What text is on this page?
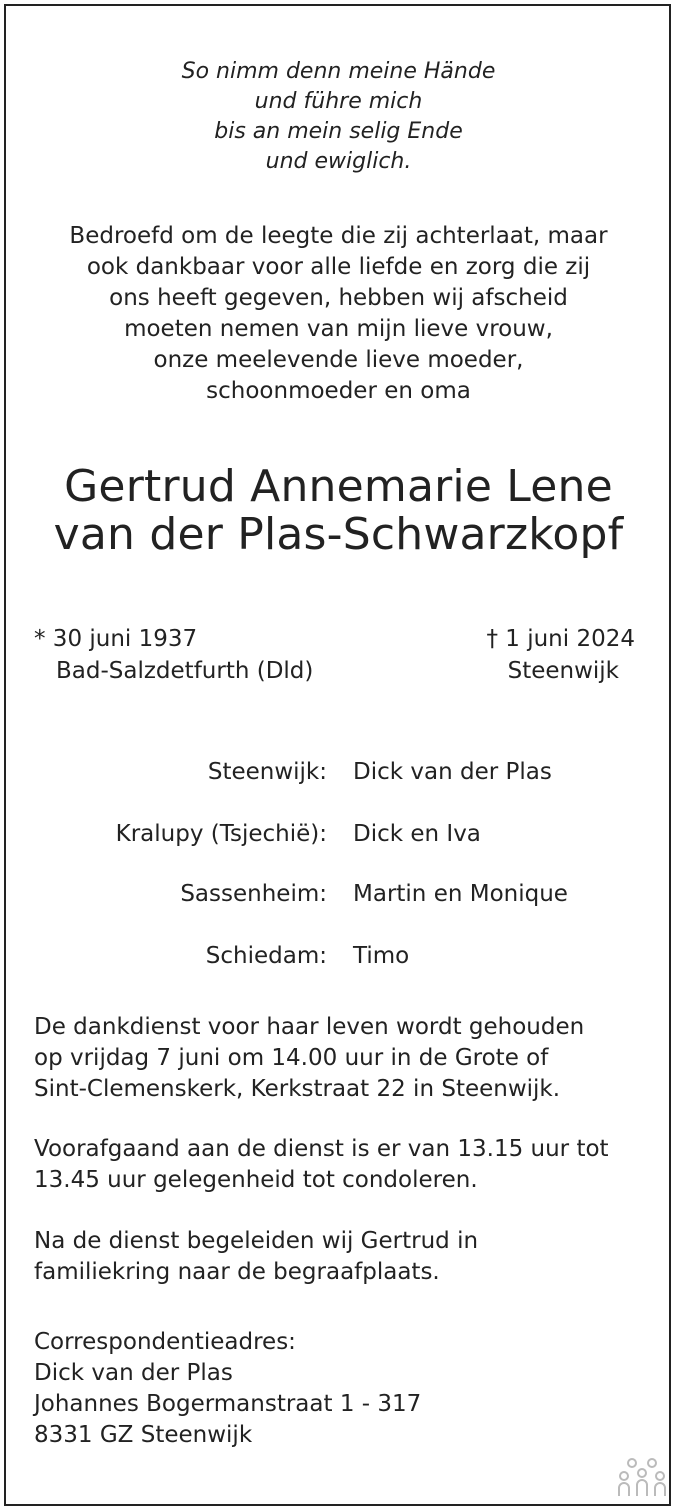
So nimm denn meine Hände
und führe mich
bis an mein selig Ende
und ewiglich.
Bedroefd om de leegte die zij achterlaat, maar
ook dankbaar voor alle liefde en zorg die zij
ons heeft gegeven, hebben wij afscheid
moeten nemen van mijn lieve vrouw,
onze meelevende lieve moeder,
schoonmoeder en oma
Gertrud Annemarie Lene
van der Plas-Schwarzkopf
* 30 juni 1937
Bad-Salzdetfurth (Dld)
† 1 juni 2024
Steenwijk
Steenwijk: Dick van der Plas
Kralupy (Tsjechië): Dick en Iva
Sassenheim: Martin en Monique
Schiedam: Timo
De dankdienst voor haar leven wordt gehouden
op vrijdag 7 juni om 14.00 uur in de Grote of
Sint-Clemenskerk, Kerkstraat 22 in Steenwijk.
Voorafgaand aan de dienst is er van 13.15 uur tot
13.45 uur gelegenheid tot condoleren.
Na de dienst begeleiden wij Gertrud in
familiekring naar de begraafplaats.
Correspondentieadres:
Dick van der Plas
Johannes Bogermanstraat 1 - 317
8331 GZ Steenwijk
